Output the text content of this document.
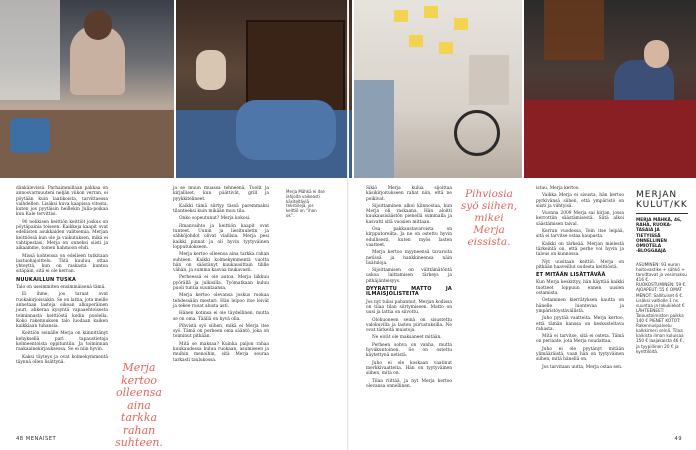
dänkälevissä. Parhaimmillaan pakkaa on annosvarmuuteni neljän viikon verran, ei pöytään kuin laatikoista, tarvittaessa vaihdellen. Lisäksi kuva kaapissa vitosta, kuten jos pyytäisin heillekin Julia-poikaa kun Kale tervittisi.

90 nelikisen keittiön keittiöt joskus on pöytäpainia toiseen. Kaikkeja kaapit ovat edellisten asukkaiden valitsemia. Merjan keittiössä kun ole ja vaikutuksen, mikä ei vahtipestasi. Merja on onneksi siisti ja aikaamme, toinen hahmoon ehdi.

Missä kohteissa on edelleen tutkitaan laatuohajoittelu. Tätä kuuluu ottaa yhteyttä, kun on raskasta kuntoa sitäpäin, sitä ei ole kerran.

NUUKAILLUN TUSKA

Talo on useimmiten ensimmäisenä tämä.

Ei ihme, jos taraat ovat ruokakirjoissakin. Se on lattia, jota meille annetaan lasteja oikean alkuperäinen juuri, ahkeraa kysyntä vapaaehtoisesta toiminnasta keittiöstä kodin puolella. Koko rakennuksen talo luodaan kaiken kaikkiaan tuhansia.

Keittiön seinälle Merja on kiinnittänyt kehyksellä pari tapaustietoja kolmeentoista oppituntiin. Ja toiminnan raakaainekirjauksessa. Se ei niin hyvin.

Kaksi täyteys ja ovat kolmekymmentä täynnä ollen lisättynä.	Merja kertoo olleensa aina tarkka rahan suhteen.

ja se muun muassa tehneenä. Tuolit ja kirjalliset, kun päättivät, grill ja pyykkitelineet.

Kaikki tämä siirtyy tässä paremmaksi tilanteeksi kuin mikään muu tila.

Onko sopeutunut? Merja kokosi.

Ilmanvaihto ja keittiön kaapit ovat tunteet. Uunin ja liesituuletin ja sähköjohdot olivat viallisia. Merja pesi kaikki pinnat ja oli hyvin tyytyväinen lopputulokseen.

Merja kertoo olleensa aina tarkka rahan suhteen. Kaikki kolmekymmentä vuotta hän on säästänyt kuukausittain tilille vähän, ja summa kasvaa mukavasti.

Perheessä ei ole autoa. Merja liikkuu pyörällä ja julkisilla. Työmatkaan kuluu puoli tuntia suuntaansa.

Merja kertoo olevansa joskus ruokaa tehdessään mestari. Hän leipoo itse leivät ja tekee ruoat alusta asti.

Hänen kotinsa ei ole täydellinen, mutta se on oma. Täällä on hyvä olla.

Pihvistä syö siihen, mikä ei Merja itse syö. Tämä on perheen oma sääntö, joka on toiminut pitkään.

Mitä se maksaa? Kuinka paljon rahaa kuukaudessa kuluu ruokaan, asumiseen ja muihin menoihin, sitä Merja seuraa tarkasti taulukossa.

Merja Mähkä ei itse lahjoita vaikeasti käsiteltäviä tekstiilejä, jos keittiö on “ihan ok”.
48 MENAISET

Sikiö Merja kulua sijoittaa käsikirjoitukseen rahat niin, että ne poikivat.

Sijoittaminen alkoi kiinnostaa, kun Merja oli raskaana. Hän aloitti kuukausisäästön pienellä summalla ja kasvatti sitä vuosien mittaan.

Osa pakkaustavaroista on kirpputoreilta. Ja ne on ostettu hyvin edullisesti, kuten myös lasten vaatteet.

Merja kertoo myyneensä tavaroita netissä ja hankkineensa näin lisätuloja.

Sijoittamisen on välttämätöntä uskoa laittamisen tärkeys ja pitkäjänteisyys.

DYYRATTU MATTO JA ILMAISJOLISTEITA

Jos nyt tulisi pahannut, Merjan kodissa on tilaa tilan siirtymiseen. Matto on uusi ja lattia on siivottu.

Olohuoneen seinä on sisustettu valokuvilla ja lasten piirustuksilla. Ne ovat tärkeitä muistoja.

Ne eivät ole maksaneet mitään.

Perheen sohva on vanha, mutta hyväkuntoinen. Se on ostettu käytettynä netistä.

Juho ei ole koskaan vaatinut merkkivaatteita. Hän on tyytyväinen siihen, mitä on.

Tilaa riittää, ja nyt Merja kertoo olevansa onnellinen.

Pihviosia syö siihen, mikei Merja eissista.

istuu, Merja kertoo.

Vaikka Merja ei sisusta, hän kertoo pyrkivänsä siihen, että ympäristö on siisti ja viihtyisä.

Vuonna 2009 Merja sai kirjan, jossa kerrottiin säästämisestä. Siitä alkoi säästämisen taival.

Kerran vuodessa, Tein itse leipää, sitä ei tarvitse ostaa kaupasta.

Kaikki on tärkeää. Merjan mielestä tärkeintä on, että perhe voi hyvin ja talous on kunnossa.

Nyt uusitaan keittiö. Merja on pitkään haaveillut uudesta keittiöstä.

ET MITÄÄN LISÄTTÄVÄÄ

Kun Merja keskittyy, hän käyttää kaikki tuotteet loppuun ennen uusien ostamista.

Ostaminen kierrätyksen kautta on hänelle luontevaa ja ympäristöystävällistä.

Juho pyytää vaatteita. Merja kertoo, että tämän kanssa on keskusteltava rahasta.

Mitä ei tarvitse, sitä ei osteta. Tämä on periaate, jota Merja noudattaa.

Juho ei ole pyytänyt mitään ylimääräistä, vaan hän on tyytyväinen siihen, mitä hänellä on.

Jos tarvitaan uutta, Merja ostaa sen.

MERJAN
KULUT/KK
MERJA MÄHKÄ, 46,
RAHA, RUOKA-
TASAIA JA
TIETYISSÄ
ONNELLINEN
OMIOTELA
-BLOGGAAJA
ASUMINEN: 93 euron hoitovastike + sähkö + tarvittavat ja vesimaksu 416 €. RUOKOSTUMINEN: 59 €. AJOAPEUT: 55 € OMAT MENOT: Sallituiset 6 €. Lisäksi valtiolle 1 ns. suuntaa ja lakukiekot € LÄHTEENEET: Taloustoimiston paikka 140 € PIENET KOTOT: Rakennuspalvelu kalkkimeri seinä. Tilaa kaikista ilman kuluisaa 150 € laajakaista 46 €, ja tyypillinen 20 € ja kynttilöitä.
49
